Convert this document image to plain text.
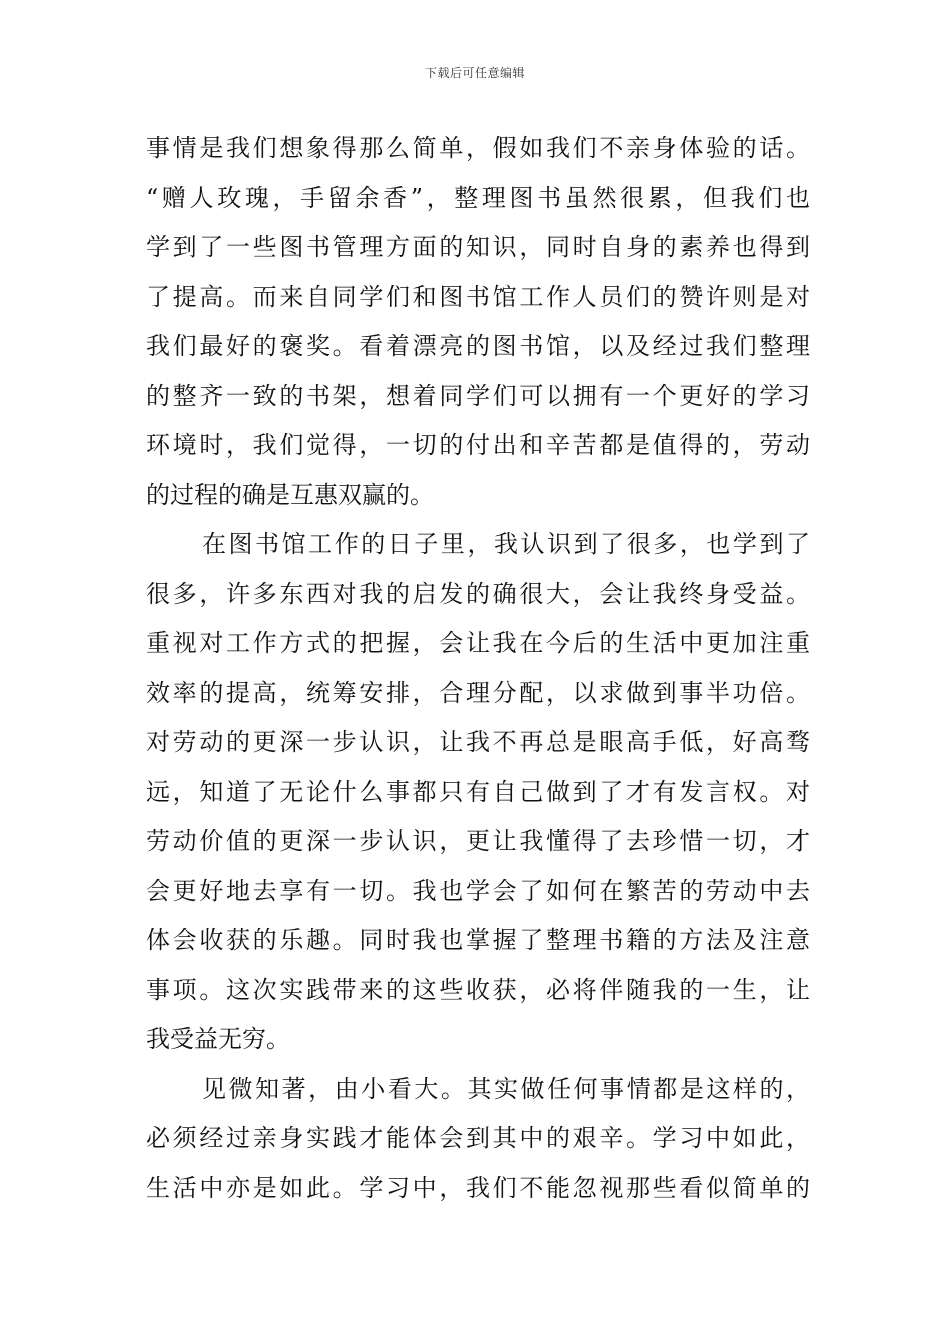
下载后可任意编辑
事情是我们想象得那么简单，假如我们不亲身体验的话。
“赠人玫瑰，手留余香”，整理图书虽然很累，但我们也
学到了一些图书管理方面的知识，同时自身的素养也得到
了提高。而来自同学们和图书馆工作人员们的赞许则是对
我们最好的褒奖。看着漂亮的图书馆，以及经过我们整理
的整齐一致的书架，想着同学们可以拥有一个更好的学习
环境时，我们觉得，一切的付出和辛苦都是值得的，劳动
的过程的确是互惠双赢的。
在图书馆工作的日子里，我认识到了很多，也学到了
很多，许多东西对我的启发的确很大，会让我终身受益。
重视对工作方式的把握，会让我在今后的生活中更加注重
效率的提高，统筹安排，合理分配，以求做到事半功倍。
对劳动的更深一步认识，让我不再总是眼高手低，好高骛
远，知道了无论什么事都只有自己做到了才有发言权。对
劳动价值的更深一步认识，更让我懂得了去珍惜一切，才
会更好地去享有一切。我也学会了如何在繁苦的劳动中去
体会收获的乐趣。同时我也掌握了整理书籍的方法及注意
事项。这次实践带来的这些收获，必将伴随我的一生，让
我受益无穷。
见微知著，由小看大。其实做任何事情都是这样的，
必须经过亲身实践才能体会到其中的艰辛。学习中如此，
生活中亦是如此。学习中，我们不能忽视那些看似简单的
